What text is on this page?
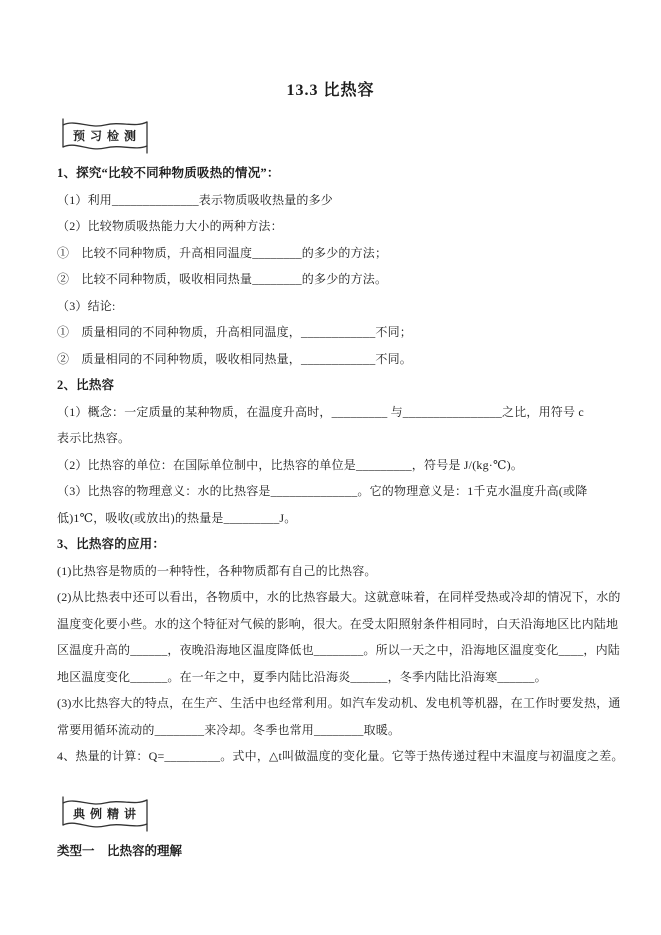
13.3 比热容
预 习 检 测
1、探究“比较不同种物质吸热的情况”：
（1）利用______________表示物质吸收热量的多少
（2）比较物质吸热能力大小的两种方法：
①　比较不同种物质，升高相同温度________的多少的方法；
②　比较不同种物质，吸收相同热量________的多少的方法。
（3）结论:
①　质量相同的不同种物质，升高相同温度，____________不同；
②　质量相同的不同种物质，吸收相同热量，____________不同。
2、比热容
（1）概念：一定质量的某种物质，在温度升高时，_________ 与________________之比，用符号 c
表示比热容。
（2）比热容的单位：在国际单位制中，比热容的单位是_________，符号是 J/(kg·℃)。
（3）比热容的物理意义：水的比热容是______________。它的物理意义是：1千克水温度升高(或降
低)1℃，吸收(或放出)的热量是_________J。
3、比热容的应用：
(1)比热容是物质的一种特性，各种物质都有自己的比热容。
(2)从比热表中还可以看出，各物质中，水的比热容最大。这就意味着，在同样受热或冷却的情况下，水的
温度变化要小些。水的这个特征对气候的影响，很大。在受太阳照射条件相同时，白天沿海地区比内陆地
区温度升高的______，夜晚沿海地区温度降低也________。所以一天之中，沿海地区温度变化____，内陆
地区温度变化______。在一年之中，夏季内陆比沿海炎______，冬季内陆比沿海寒______。
(3)水比热容大的特点，在生产、生活中也经常利用。如汽车发动机、发电机等机器，在工作时要发热，通
常要用循环流动的________来冷却。冬季也常用________取暖。
4、热量的计算：Q=_________。式中，△t叫做温度的变化量。它等于热传递过程中末温度与初温度之差。
典 例 精 讲
类型一　比热容的理解
